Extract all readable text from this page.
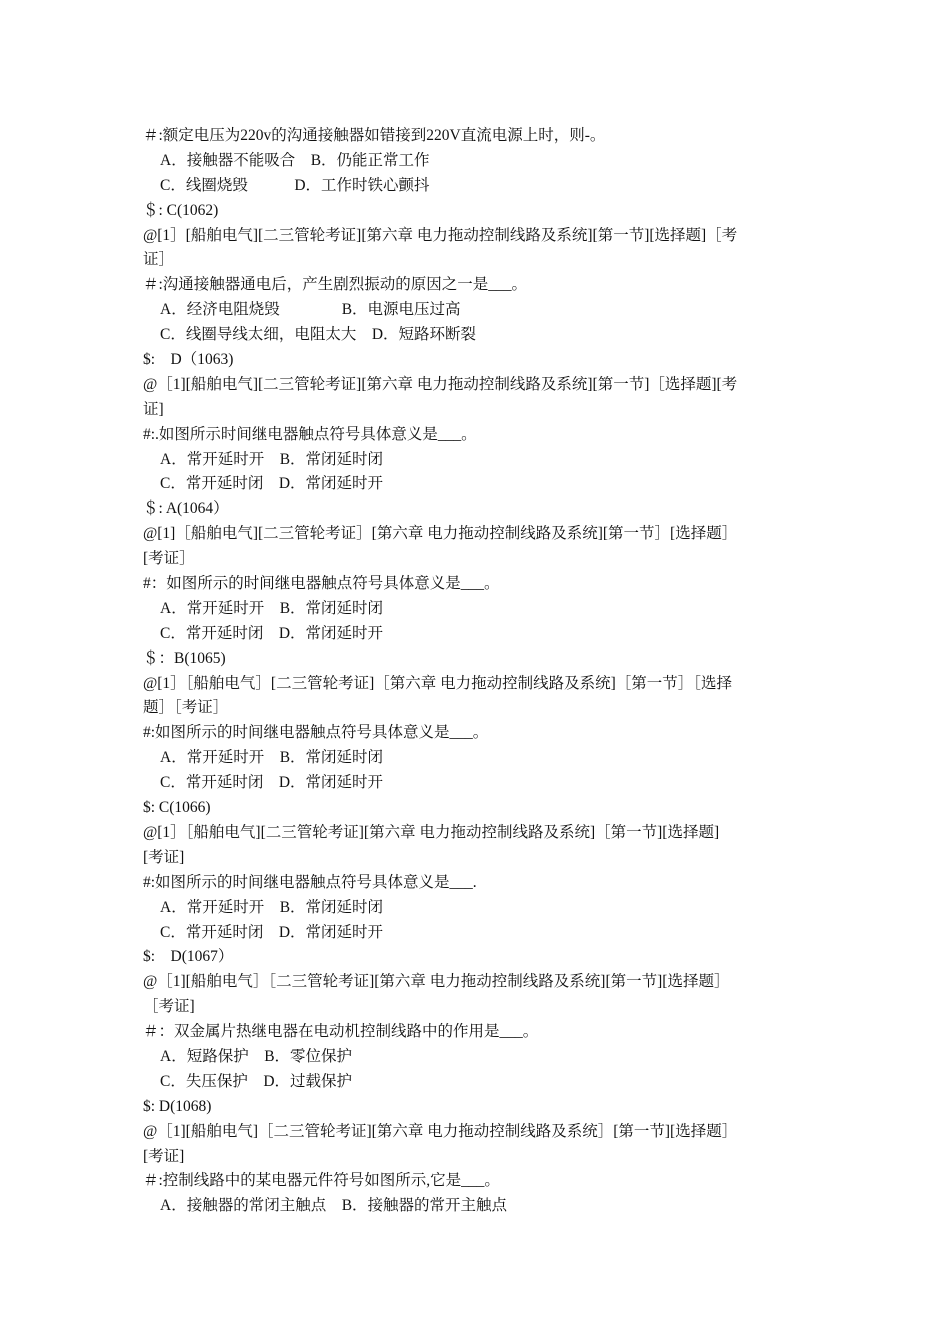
＃:额定电压为220v的沟通接触器如错接到220V直流电源上时，则-。
A．接触器不能吸合　B．仍能正常工作
C．线圈烧毁　　　D．工作时铁心颤抖
＄: C(1062)
@[1］[船舶电气][二三管轮考证][第六章 电力拖动控制线路及系统][第一节][选择题]［考
证］
＃:沟通接触器通电后，产生剧烈振动的原因之一是___。
A．经济电阻烧毁　　　　B．电源电压过高
C．线圈导线太细，电阻太大　D．短路环断裂
$:　D（1063)
@［1][船舶电气][二三管轮考证][第六章 电力拖动控制线路及系统][第一节]［选择题][考
证]
#:.如图所示时间继电器触点符号具体意义是___。
A．常开延时开　B．常闭延时闭
C．常开延时闭　D．常闭延时开
＄: A(1064）
@[1]［船舶电气][二三管轮考证］[第六章 电力拖动控制线路及系统][第一节］[选择题］
[考证］
#：如图所示的时间继电器触点符号具体意义是___。
A．常开延时开　B．常闭延时闭
C．常开延时闭　D．常闭延时开
＄：B(1065)
@[1］［船舶电气］[二三管轮考证]［第六章 电力拖动控制线路及系统]［第一节］［选择
题］［考证］
#:如图所示的时间继电器触点符号具体意义是___。
A．常开延时开　B．常闭延时闭
C．常开延时闭　D．常闭延时开
$: C(1066)
@[1］［船舶电气][二三管轮考证][第六章 电力拖动控制线路及系统]［第一节][选择题]
[考证]
#:如图所示的时间继电器触点符号具体意义是___.
A．常开延时开　B．常闭延时闭
C．常开延时闭　D．常闭延时开
$:　D(1067）
@［1][船舶电气］［二三管轮考证][第六章 电力拖动控制线路及系统][第一节][选择题］
［考证]
＃：双金属片热继电器在电动机控制线路中的作用是___。
A．短路保护　B．零位保护
C．失压保护　D．过载保护
$: D(1068)
@［1][船舶电气]［二三管轮考证][第六章 电力拖动控制线路及系统］[第一节][选择题］
[考证]
＃:控制线路中的某电器元件符号如图所示,它是___。
A．接触器的常闭主触点　B．接触器的常开主触点
